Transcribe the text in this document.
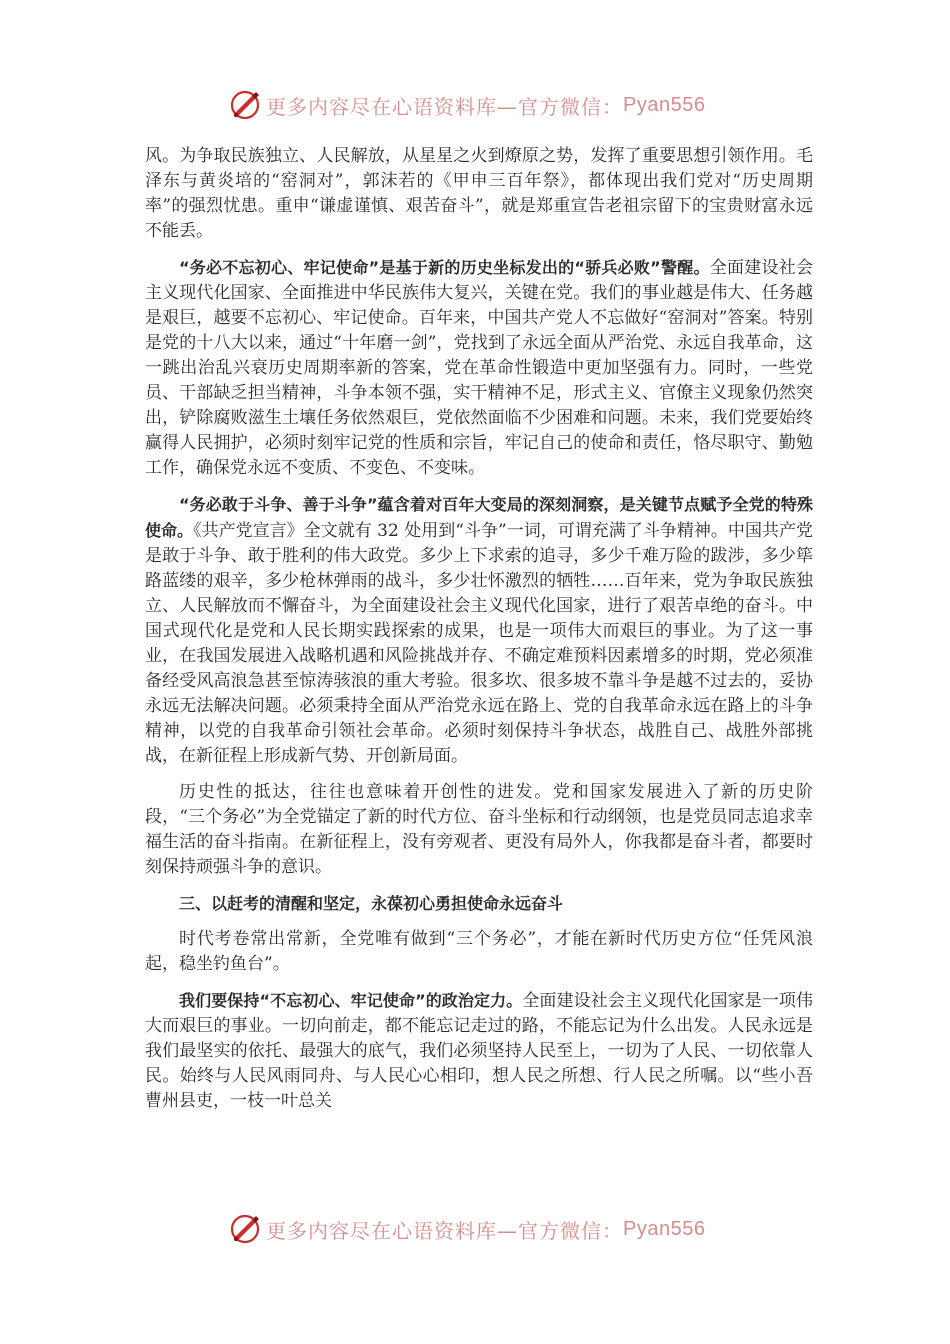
更多内容尽在心语资料库—官方微信： Pyan556

风。为争取民族独立、人民解放，从星星之火到燎原之势，发挥了重要思想引领作用。毛泽东与黄炎培的“窑洞对”，郭沫若的《甲申三百年祭》，都体现出我们党对“历史周期率”的强烈忧患。重申“谦虚谨慎、艰苦奋斗”，就是郑重宣告老祖宗留下的宝贵财富永远不能丢。

“务必不忘初心、牢记使命”是基于新的历史坐标发出的“骄兵必败”警醒。全面建设社会主义现代化国家、全面推进中华民族伟大复兴，关键在党。我们的事业越是伟大、任务越是艰巨，越要不忘初心、牢记使命。百年来，中国共产党人不忘做好“窑洞对”答案。特别是党的十八大以来，通过“十年磨一剑”，党找到了永远全面从严治党、永远自我革命，这一跳出治乱兴衰历史周期率新的答案，党在革命性锻造中更加坚强有力。同时，一些党员、干部缺乏担当精神，斗争本领不强，实干精神不足，形式主义、官僚主义现象仍然突出，铲除腐败滋生土壤任务依然艰巨，党依然面临不少困难和问题。未来，我们党要始终赢得人民拥护，必须时刻牢记党的性质和宗旨，牢记自己的使命和责任，恪尽职守、勤勉工作，确保党永远不变质、不变色、不变味。

“务必敢于斗争、善于斗争”蕴含着对百年大变局的深刻洞察，是关键节点赋予全党的特殊使命。《共产党宣言》全文就有 32 处用到“斗争”一词，可谓充满了斗争精神。中国共产党是敢于斗争、敢于胜利的伟大政党。多少上下求索的追寻，多少千难万险的跋涉，多少筚路蓝缕的艰辛，多少枪林弹雨的战斗，多少壮怀激烈的牺牲……百年来，党为争取民族独立、人民解放而不懈奋斗，为全面建设社会主义现代化国家，进行了艰苦卓绝的奋斗。中国式现代化是党和人民长期实践探索的成果，也是一项伟大而艰巨的事业。为了这一事业，在我国发展进入战略机遇和风险挑战并存、不确定难预料因素增多的时期，党必须准备经受风高浪急甚至惊涛骇浪的重大考验。很多坎、很多坡不靠斗争是越不过去的，妥协永远无法解决问题。必须秉持全面从严治党永远在路上、党的自我革命永远在路上的斗争精神，以党的自我革命引领社会革命。必须时刻保持斗争状态，战胜自己、战胜外部挑战，在新征程上形成新气势、开创新局面。

历史性的抵达，往往也意味着开创性的进发。党和国家发展进入了新的历史阶段，“三个务必”为全党锚定了新的时代方位、奋斗坐标和行动纲领，也是党员同志追求幸福生活的奋斗指南。在新征程上，没有旁观者、更没有局外人，你我都是奋斗者，都要时刻保持顽强斗争的意识。

三、以赶考的清醒和坚定，永葆初心勇担使命永远奋斗

时代考卷常出常新，全党唯有做到“三个务必”，才能在新时代历史方位“任凭风浪起，稳坐钓鱼台”。

我们要保持“不忘初心、牢记使命”的政治定力。全面建设社会主义现代化国家是一项伟大而艰巨的事业。一切向前走，都不能忘记走过的路，不能忘记为什么出发。人民永远是我们最坚实的依托、最强大的底气，我们必须坚持人民至上，一切为了人民、一切依靠人民。始终与人民风雨同舟、与人民心心相印，想人民之所想、行人民之所嘱。以“些小吾曹州县吏，一枝一叶总关

更多内容尽在心语资料库—官方微信： Pyan556
